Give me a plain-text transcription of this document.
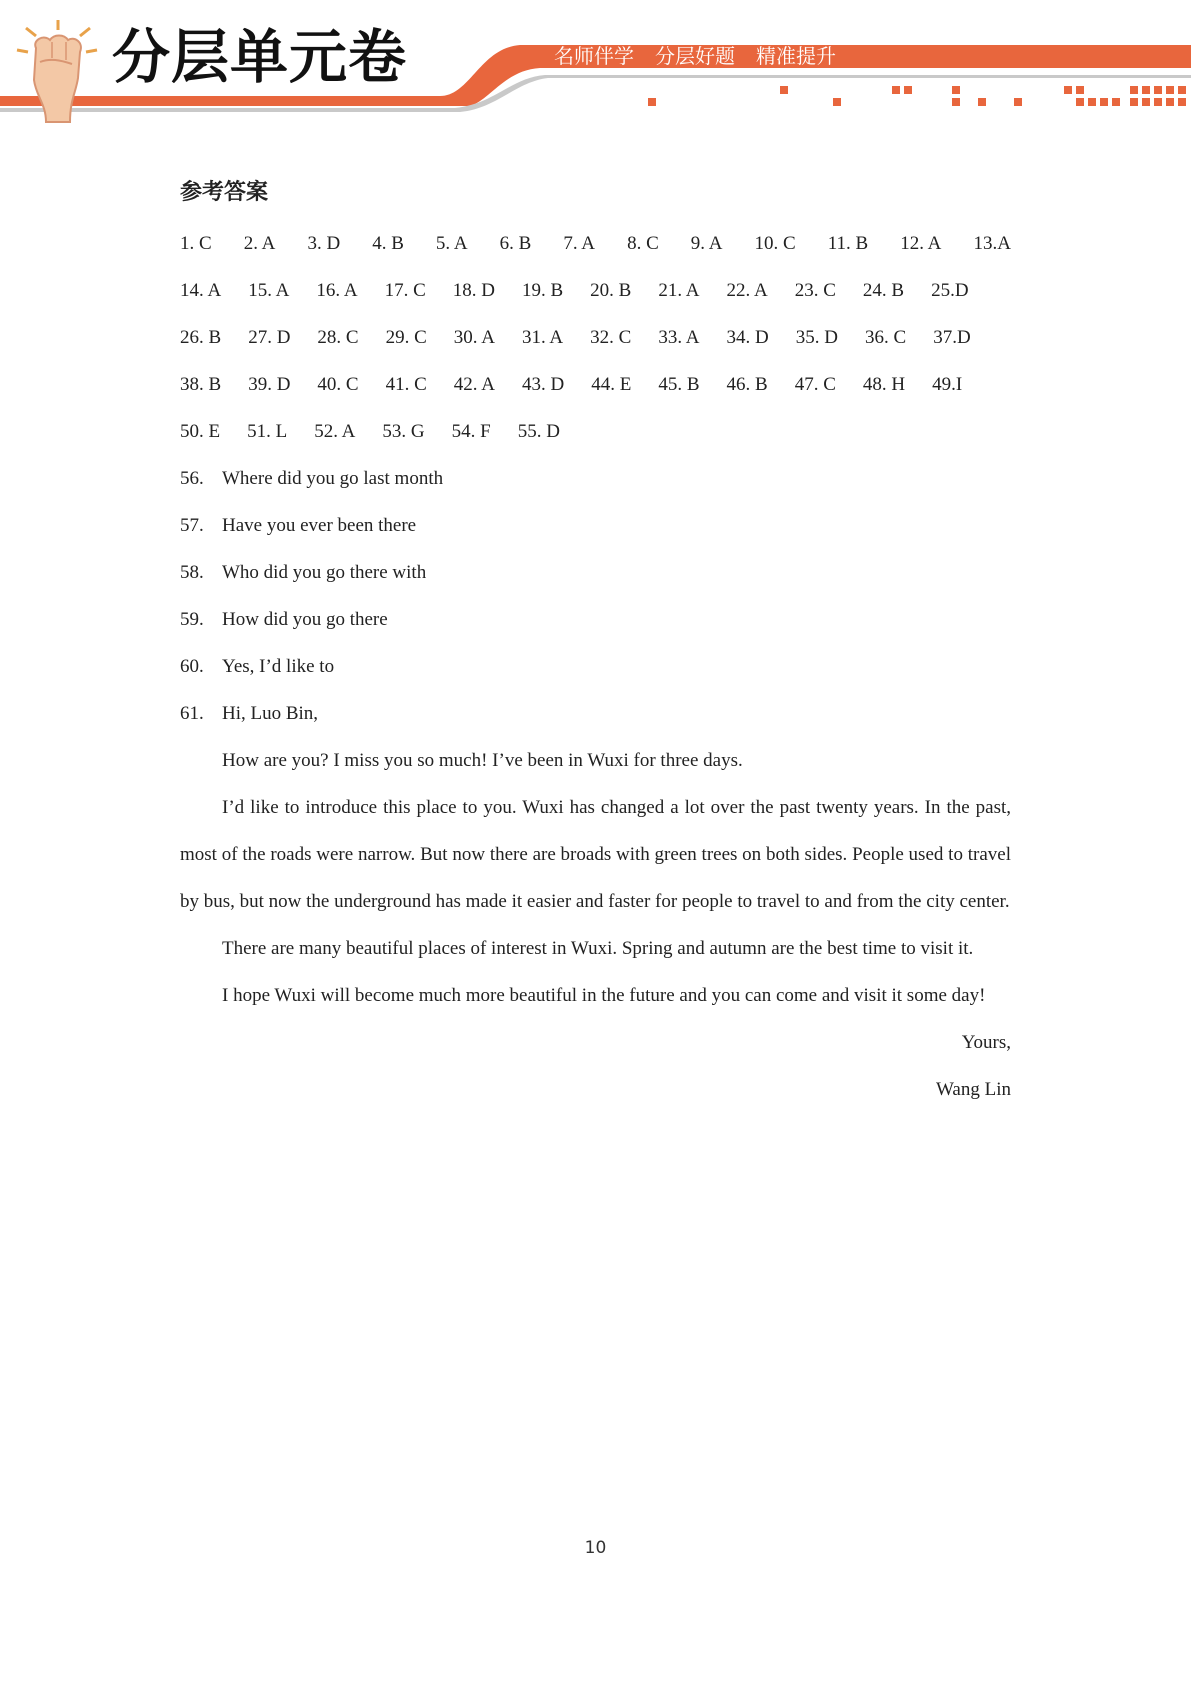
分层单元卷	名师伴学 分层好题 精准提升
参考答案
1. C 2. A 3. D 4. B 5. A 6. B 7. A 8. C 9. A 10. C 11. B 12. A 13.A
14. A 15. A 16. A 17. C 18. D 19. B 20. B 21. A 22. A 23. C 24. B 25.D
26. B 27. D 28. C 29. C 30. A 31. A 32. C 33. A 34. D 35. D 36. C 37.D
38. B 39. D 40. C 41. C 42. A 43. D 44. E 45. B 46. B 47. C 48. H 49.I
50. E 51. L 52. A 53. G 54. F 55. D
56. Where did you go last month
57. Have you ever been there
58. Who did you go there with
59. How did you go there
60. Yes, I’d like to
61. Hi, Luo Bin,
How are you? I miss you so much! I’ve been in Wuxi for three days.
I’d like to introduce this place to you. Wuxi has changed a lot over the past twenty years. In the past, most of the roads were narrow. But now there are broads with green trees on both sides. People used to travel by bus, but now the underground has made it easier and faster for people to travel to and from the city center.
There are many beautiful places of interest in Wuxi. Spring and autumn are the best time to visit it.
I hope Wuxi will become much more beautiful in the future and you can come and visit it some day!
Yours,
Wang Lin
10
